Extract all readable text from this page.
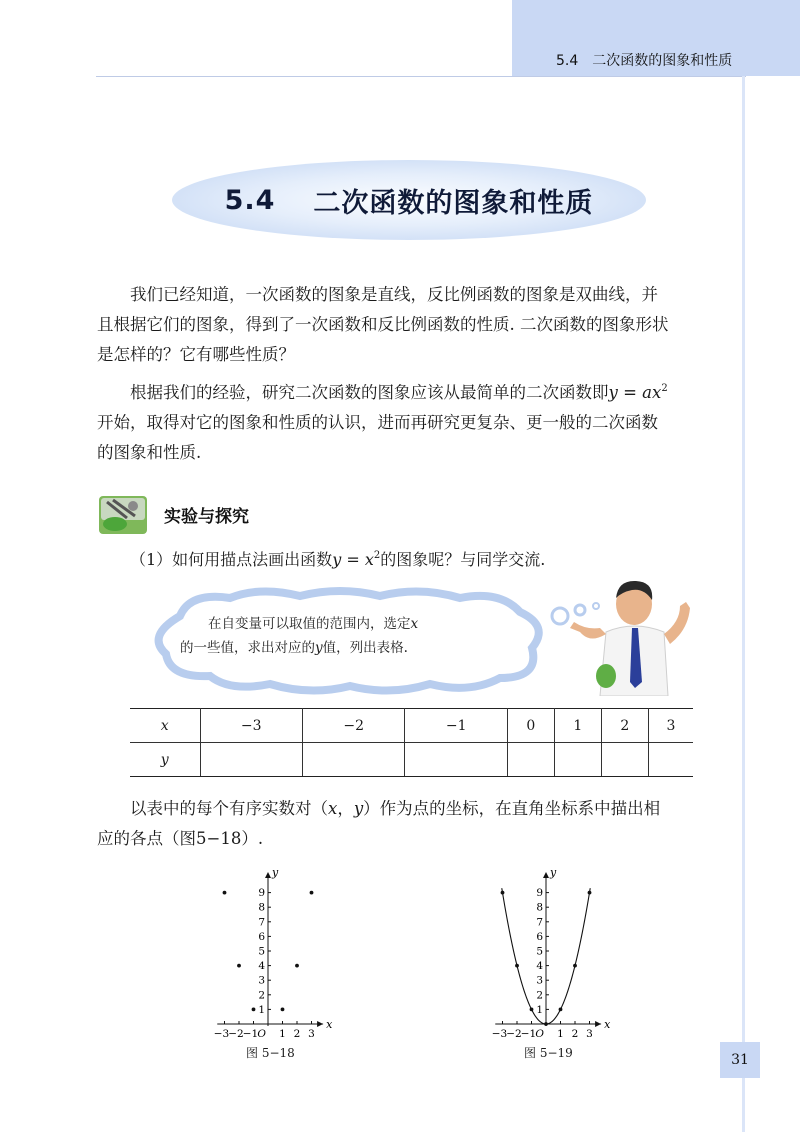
5.4　二次函数的图象和性质
5.4 二次函数的图象和性质
我们已经知道，一次函数的图象是直线，反比例函数的图象是双曲线，并
且根据它们的图象，得到了一次函数和反比例函数的性质. 二次函数的图象形状
是怎样的？它有哪些性质？
根据我们的经验，研究二次函数的图象应该从最简单的二次函数即$y = ax^2$
开始，取得对它的图象和性质的认识，进而再研究更复杂、更一般的二次函数
的图象和性质.
实验与探究
（1）如何用描点法画出函数$y = x^2$的图象呢？与同学交流.
在自变量可以取值的范围内，选定x
的一些值，求出对应的y值，列出表格.
x	−3	−2	−1	0	1	2	3
y							
以表中的每个有序实数对（x，y）作为点的坐标，在直角坐标系中描出相
应的各点（图5−18）.
x
y
1
2
3
4
5
6
7
8
9
−3 −2 −1 1 2 3
O
x
y
1
2
3
4
5
6
7
8
9
−3 −2 −1 1 2 3
O
图 5−18	图 5−19	31
